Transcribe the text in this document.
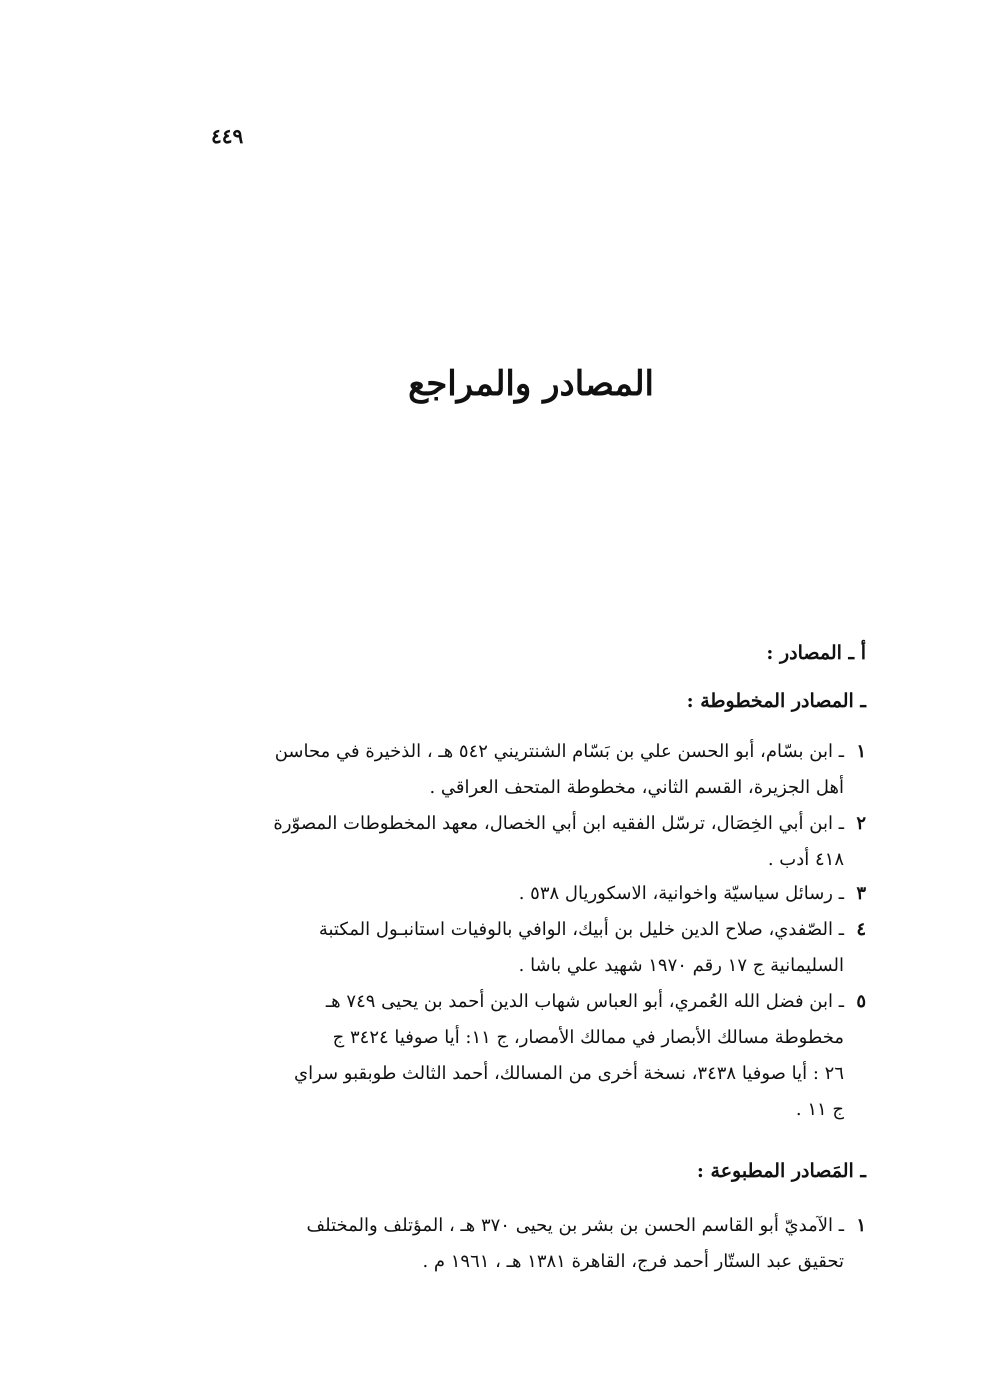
٤٤٩
المصادر والمراجع
أ ـ المصادر :
ـ المصادر المخطوطة :
١
ـ ابن بسّام، أبو الحسن علي بن بَسّام الشنتريني ٥٤٢ هـ ، الذخيرة في محاسن
أهل الجزيرة، القسم الثاني، مخطوطة المتحف العراقي .
٢
ـ ابن أبي الخِصَال، ترسّل الفقيه ابن أبي الخصال، معهد المخطوطات المصوّرة
٤١٨ أدب .
٣
ـ رسائل سياسيّة واخوانية، الاسكوريال ٥٣٨ .
٤
ـ الصّفدي، صلاح الدين خليل بن أبيك، الوافي بالوفيات استانبـول المكتبة
السليمانية ج ١٧ رقم ١٩٧٠ شهيد علي باشا .
٥
ـ ابن فضل الله العُمري، أبو العباس شهاب الدين أحمد بن يحيى ٧٤٩ هـ
مخطوطة مسالك الأبصار في ممالك الأمصار، ج ١١: أيا صوفيا ٣٤٢٤ ج
٢٦ : أيا صوفيا ٣٤٣٨، نسخة أخرى من المسالك، أحمد الثالث طوبقبو سراي
ج ١١ .
ـ المَصادر المطبوعة :
١
ـ الآمديّ أبو القاسم الحسن بن بشر بن يحيى ٣٧٠ هـ ، المؤتلف والمختلف
تحقيق عبد الستّار أحمد فرج، القاهرة ١٣٨١ هـ ، ١٩٦١ م .
